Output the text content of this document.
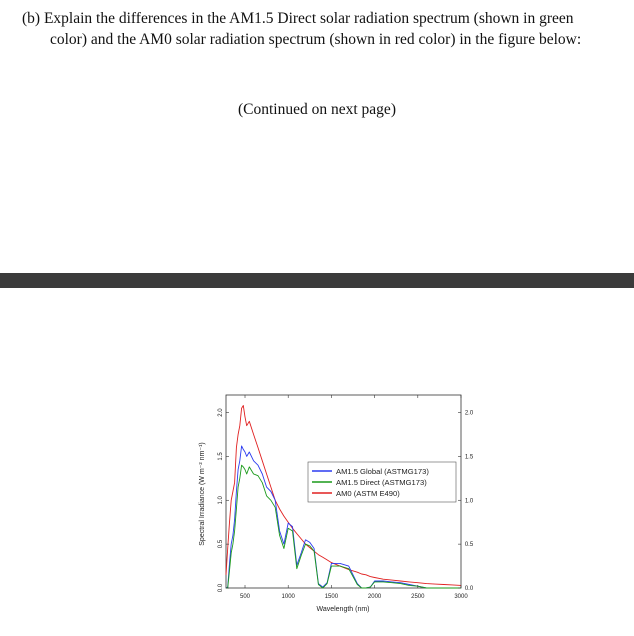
(b) Explain the differences in the AM1.5 Direct solar radiation spectrum (shown in green
color) and the AM0 solar radiation spectrum (shown in red color) in the figure below:
(Continued on next page)
500	1000	1500	2000	2500	3000
0.0	0.0
0.5	0.5
1.0	1.0
1.5	1.5
2.0	2.0
Wavelength (nm)
Spectral Irradiance (W m⁻² nm⁻¹)	AM1.5 Global (ASTMG173)
AM1.5 Direct (ASTMG173)
AM0 (ASTM E490)
